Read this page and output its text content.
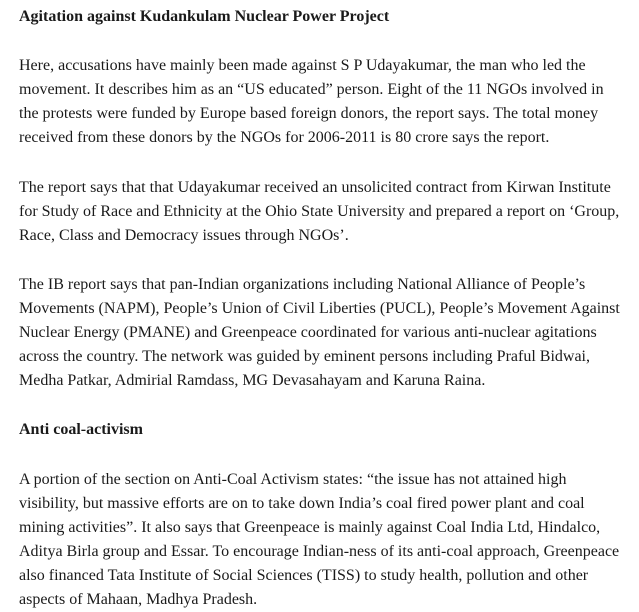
Agitation against Kudankulam Nuclear Power Project

Here, accusations have mainly been made against S P Udayakumar, the man who led the movement. It describes him as an “US educated” person. Eight of the 11 NGOs involved in the protests were funded by Europe based foreign donors, the report says. The total money received from these donors by the NGOs for 2006-2011 is 80 crore says the report.

The report says that that Udayakumar received an unsolicited contract from Kirwan Institute for Study of Race and Ethnicity at the Ohio State University and prepared a report on ‘Group, Race, Class and Democracy issues through NGOs’.

The IB report says that pan-Indian organizations including National Alliance of People’s Movements (NAPM), People’s Union of Civil Liberties (PUCL), People’s Movement Against Nuclear Energy (PMANE) and Greenpeace coordinated for various anti-nuclear agitations across the country. The network was guided by eminent persons including Praful Bidwai, Medha Patkar, Admirial Ramdass, MG Devasahayam and Karuna Raina.

Anti coal-activism

A portion of the section on Anti-Coal Activism states: “the issue has not attained high visibility, but massive efforts are on to take down India’s coal fired power plant and coal mining activities”. It also says that Greenpeace is mainly against Coal India Ltd, Hindalco, Aditya Birla group and Essar. To encourage Indian-ness of its anti-coal approach, Greenpeace also financed Tata Institute of Social Sciences (TISS) to study health, pollution and other aspects of Mahaan, Madhya Pradesh.
